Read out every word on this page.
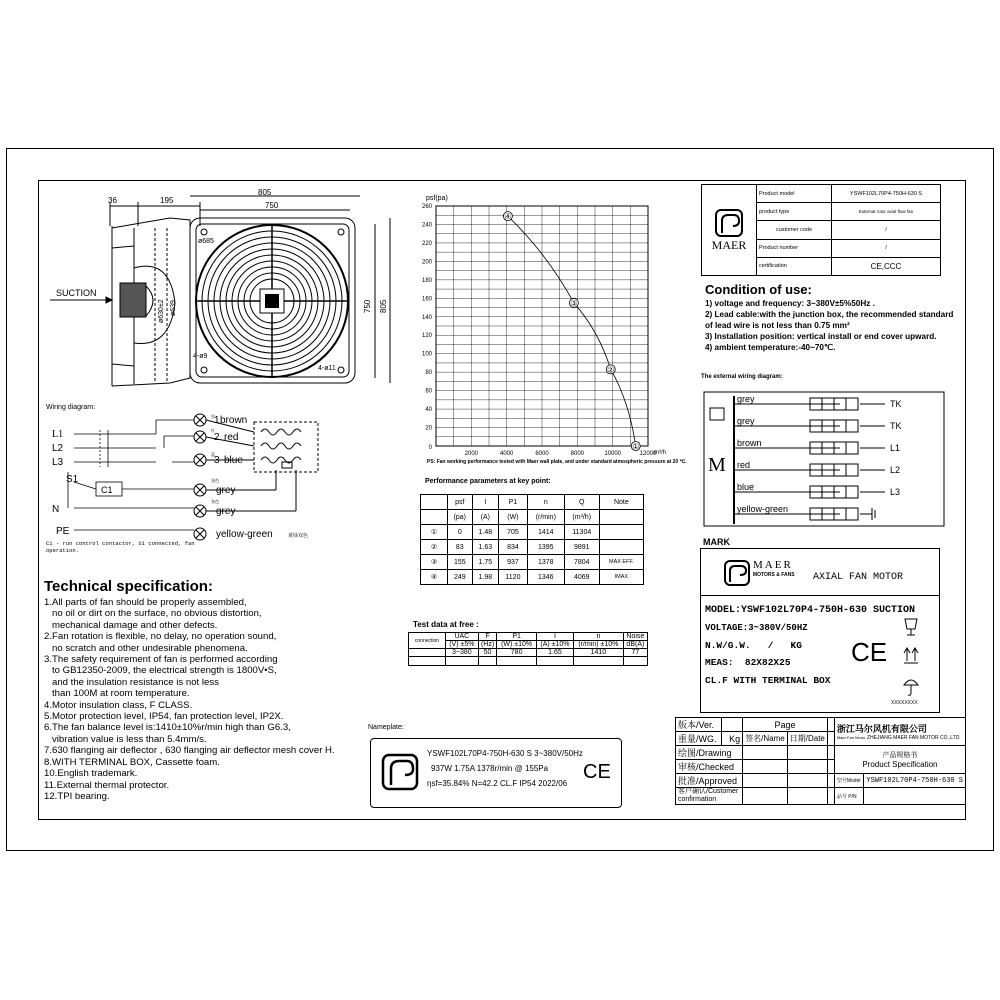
36	195
SUCTION
ø630±2 ø639
805
750
750 805
ø685
4-ø9
4-ø11
Wiring diagram:
L1
L2
L3
S1
N
PE
C1
黑
红
蓝
灰色
灰色
1 brown
2 red
3 blue
grey
grey
yellow-green	黄绿双色
C1 - run control contactor, S1 connected, fan operation.
Technical specification:
1.All parts of fan should be properly assembled,
no oil or dirt on the surface, no obvious distortion,
mechanical damage and other defects.
2.Fan rotation is flexible, no delay, no operation sound,
no scratch and other undesirable phenomena.
3.The safety requirement of fan is performed according
to GB12350-2009, the electrical strength is 1800V•S,
and the insulation resistance is not less
than 100M at room temperature.
4.Motor insulation class, F CLASS.
5.Motor protection level, IP54, fan protection level, IP2X.
6.The fan balance level is:1410±10%r/min high than G6.3,
vibration value is less than 5.4mm/s.
7.630 flanging air deflector , 630 flanging air deflector mesh cover H.
8.WITH TERMINAL BOX, Cassette foam.
10.English trademark.
11.External thermal protector.
12.TPI bearing.
20
40
60
80
100
120
140
160
180
200
220
240
260
0
2000	4000	6000	8000	10000	12000
m³/h
psf(pa)
④
③
②
①
PS: Fan working performance tested with Maer wall plate, and under standard atmospheric pressure at 20 ℃.
Performance parameters at key point:
	psf	I	P1	n	Q	Note
	(pa)	(A)	(W)	(r/min)	(m³/h)	
①	0	1.48	705	1414	11304	
②	83	1.63	834	1395	9891	
③	155	1.75	937	1378	7804	MAX EFF.
④	249	1.98	1120	1346	4069	IMAX
Test data at free :
connection	UAC	F	P1	I	n	Noise
	(V) ±5%	(Hz)	(W) ±10%	(A) ±10%	(r/min) ±10%	dB(A)
	3~380	50	780	1.65	1410	77

Nameplate:
YSWF102L70P4-750H-630 S 3~380V/50Hz
937W 1.75A 1378r/min @ 155Pa
ηsf=35.84% N=42.2 CL.F IP54 2022/06
CE
MAER	Product model	YSWF102L70P4-750H-630 S
	product type	External rotor axial flow fan
	customer code	/
	Product number	/
	certification	CE,CCC
Condition of use:
1) voltage and frequency: 3~380V±5%50Hz .
2) Lead cable:with the junction box, the recommended standard
of lead wire is not less than 0.75 mm²
3) Installation position: vertical install or end cover upward.
4) ambient temperature:-40~70℃.
The external wiring diagram:
M
grey
grey
brown
red
blue
yellow-green
TK
TK
L1
L2
L3
MARK
MAER
MOTORS & FANS AXIAL FAN MOTOR
MODEL:YSWF102L70P4-750H-630 SUCTION
VOLTAGE:3~380V/50HZ
N.W/G.W.   /   KG
MEAS:  82X82X25
CL.F WITH TERMINAL BOX
CE
XXXXXXXX
版本/Ver.		Page			浙江马尔风机有限公司
Maer Fan Motor ZHEJIANG MAER FAN MOTOR CO.,LTD.	
重量/WG.	Kg	签名/Name	日期/Date			
绘图/Drawing					产品规格书
Product Specification	

审核/Checked						
批准/Approved					型号Model	YSWF102L70P4-750H-630 S
客户确认/Customer confirmation					品号 P/N	
